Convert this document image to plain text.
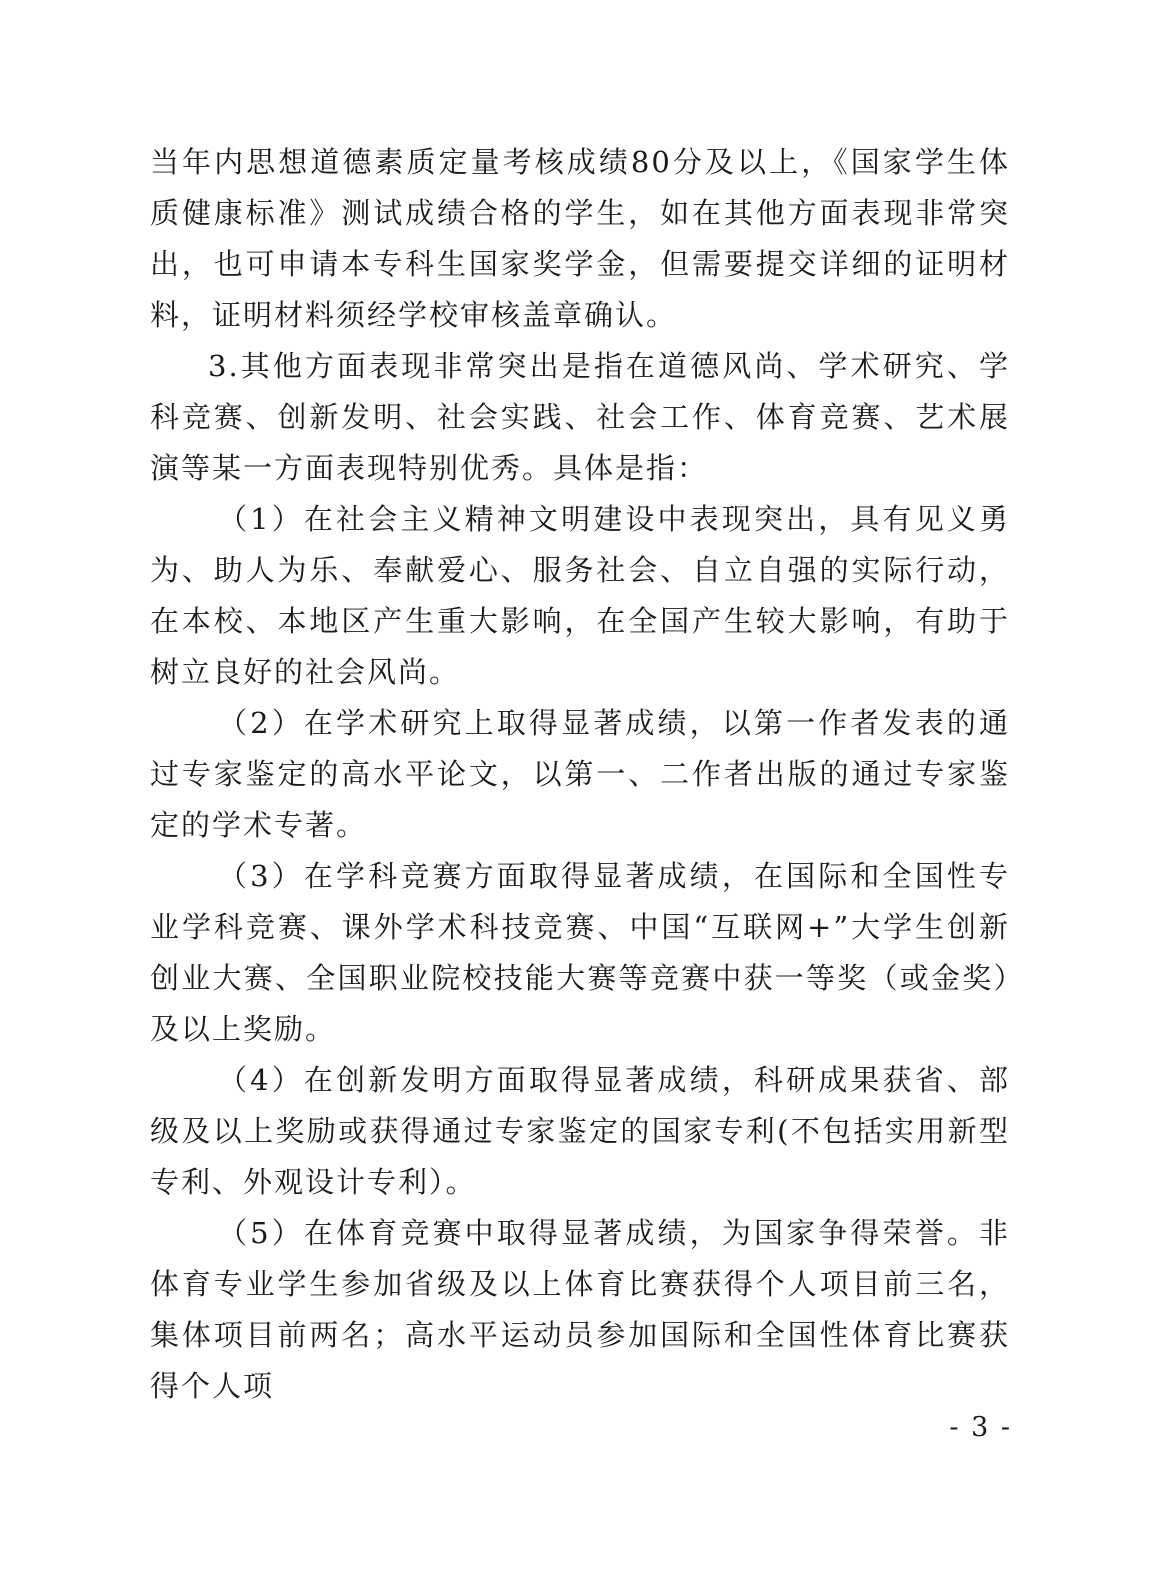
当年内思想道德素质定量考核成绩80分及以上，《国家学生体质健康标准》测试成绩合格的学生，如在其他方面表现非常突出，也可申请本专科生国家奖学金，但需要提交详细的证明材料，证明材料须经学校审核盖章确认。

3.其他方面表现非常突出是指在道德风尚、学术研究、学科竞赛、创新发明、社会实践、社会工作、体育竞赛、艺术展演等某一方面表现特别优秀。具体是指：

（1）在社会主义精神文明建设中表现突出，具有见义勇为、助人为乐、奉献爱心、服务社会、自立自强的实际行动，在本校、本地区产生重大影响，在全国产生较大影响，有助于树立良好的社会风尚。

（2）在学术研究上取得显著成绩，以第一作者发表的通过专家鉴定的高水平论文，以第一、二作者出版的通过专家鉴定的学术专著。

（3）在学科竞赛方面取得显著成绩，在国际和全国性专业学科竞赛、课外学术科技竞赛、中国“互联网+”大学生创新创业大赛、全国职业院校技能大赛等竞赛中获一等奖（或金奖）及以上奖励。

（4）在创新发明方面取得显著成绩，科研成果获省、部级及以上奖励或获得通过专家鉴定的国家专利(不包括实用新型专利、外观设计专利）。

（5）在体育竞赛中取得显著成绩，为国家争得荣誉。非体育专业学生参加省级及以上体育比赛获得个人项目前三名，集体项目前两名；高水平运动员参加国际和全国性体育比赛获得个人项

- 3 -
